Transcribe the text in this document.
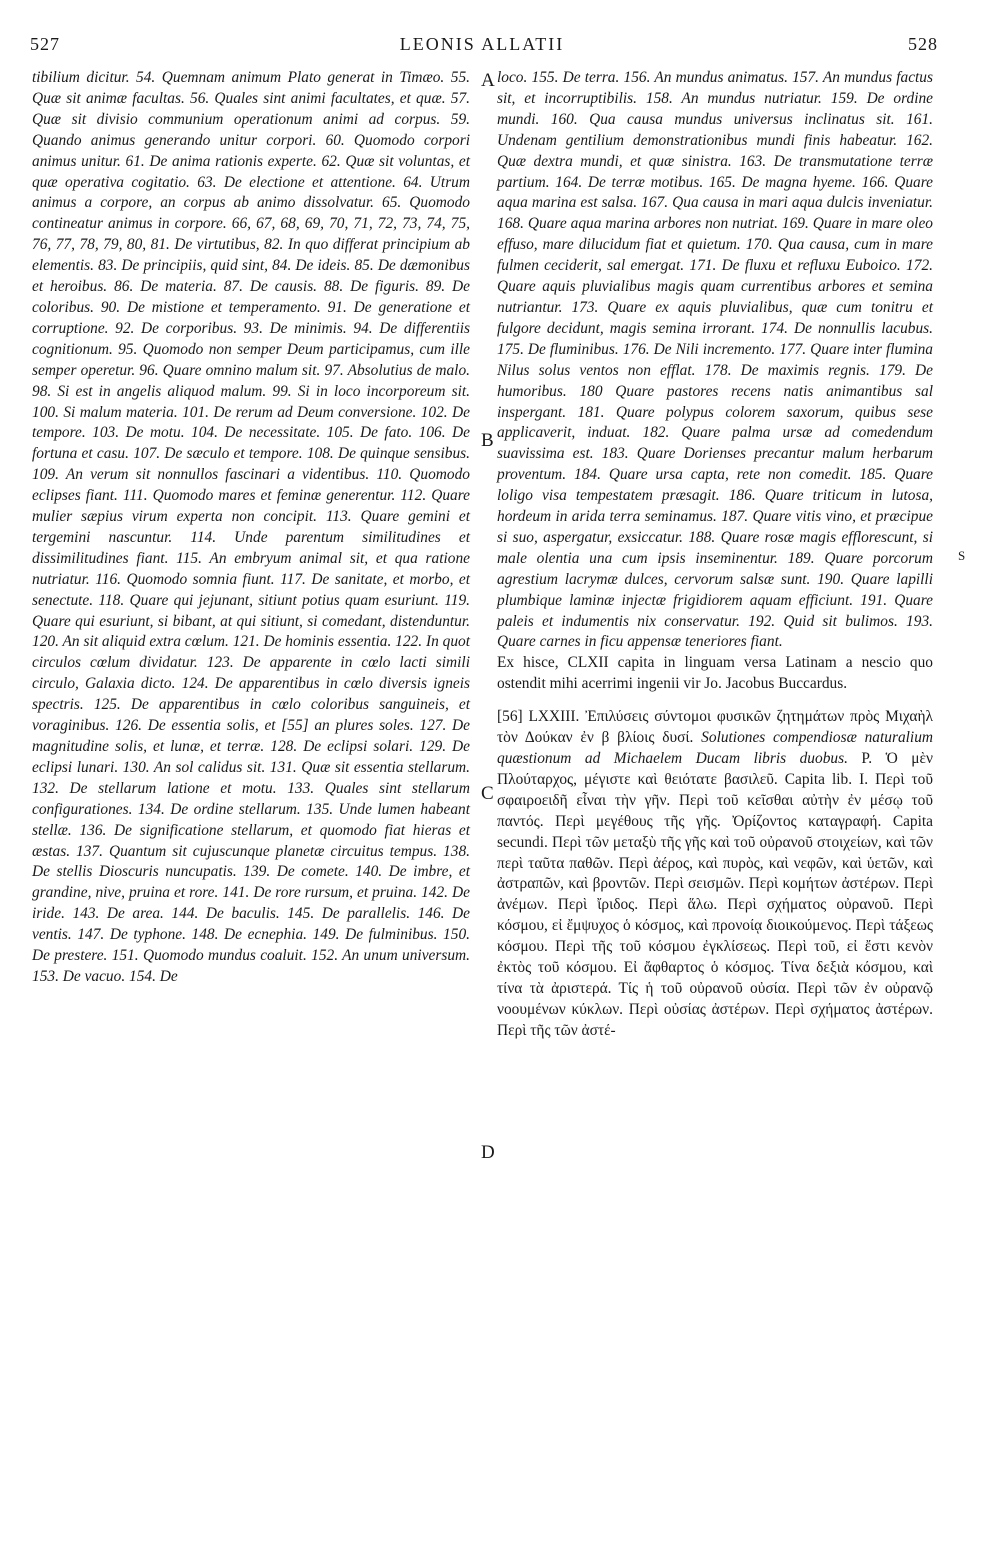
527	LEONIS ALLATII	528

tibilium dicitur. 54. Quemnam animum Plato generat in Timæo. 55. Quæ sit animæ facultas. 56. Quales sint animi facultates, et quæ. 57. Quæ sit divisio communium operationum animi ad corpus. 59. Quando animus generando unitur corpori. 60. Quomodo corpori animus unitur. 61. De anima rationis experte. 62. Quæ sit voluntas, et quæ operativa cogitatio. 63. De electione et attentione. 64. Utrum animus a corpore, an corpus ab animo dissolvatur. 65. Quomodo contineatur animus in corpore. 66, 67, 68, 69, 70, 71, 72, 73, 74, 75, 76, 77, 78, 79, 80, 81. De virtutibus, 82. In quo differat principium ab elementis. 83. De principiis, quid sint, 84. De ideis. 85. De dæmonibus et heroibus. 86. De materia. 87. De causis. 88. De figuris. 89. De coloribus. 90. De mistione et temperamento. 91. De generatione et corruptione. 92. De corporibus. 93. De minimis. 94. De differentiis cognitionum. 95. Quomodo non semper Deum participamus, cum ille semper operetur. 96. Quare omnino malum sit. 97. Absolutius de malo. 98. Si est in angelis aliquod malum. 99. Si in loco incorporeum sit. 100. Si malum materia. 101. De rerum ad Deum conversione. 102. De tempore. 103. De motu. 104. De necessitate. 105. De fato. 106. De fortuna et casu. 107. De sæculo et tempore. 108. De quinque sensibus. 109. An verum sit nonnullos fascinari a videntibus. 110. Quomodo eclipses fiant. 111. Quomodo mares et feminæ generentur. 112. Quare mulier sæpius virum experta non concipit. 113. Quare gemini et tergemini nascuntur. 114. Unde parentum similitudines et dissimilitudines fiant. 115. An embryum animal sit, et qua ratione nutriatur. 116. Quomodo somnia fiunt. 117. De sanitate, et morbo, et senectute. 118. Quare qui jejunant, sitiunt potius quam esuriunt. 119. Quare qui esuriunt, si bibant, at qui sitiunt, si comedant, distenduntur. 120. An sit aliquid extra cœlum. 121. De hominis essentia. 122. In quot circulos cœlum dividatur. 123. De apparente in cœlo lacti simili circulo, Galaxia dicto. 124. De apparentibus in cœlo diversis igneis spectris. 125. De apparentibus in cœlo coloribus sanguineis, et voraginibus. 126. De essentia solis, et [55] an plures soles. 127. De magnitudine solis, et lunæ, et terræ. 128. De eclipsi solari. 129. De eclipsi lunari. 130. An sol calidus sit. 131. Quæ sit essentia stellarum. 132. De stellarum latione et motu. 133. Quales sint stellarum configurationes. 134. De ordine stellarum. 135. Unde lumen habeant stellæ. 136. De significatione stellarum, et quomodo fiat hieras et æstas. 137. Quantum sit cujuscunque planetæ circuitus tempus. 138. De stellis Dioscuris nuncupatis. 139. De comete. 140. De imbre, et grandine, nive, pruina et rore. 141. De rore rursum, et pruina. 142. De iride. 143. De area. 144. De baculis. 145. De parallelis. 146. De ventis. 147. De typhone. 148. De ecnephia. 149. De fulminibus. 150. De prestere. 151. Quomodo mundus coaluit. 152. An unum universum. 153. De vacuo. 154. De

loco. 155. De terra. 156. An mundus animatus. 157. An mundus factus sit, et incorruptibilis. 158. An mundus nutriatur. 159. De ordine mundi. 160. Qua causa mundus universus inclinatus sit. 161. Undenam gentilium demonstrationibus mundi finis habeatur. 162. Quæ dextra mundi, et quæ sinistra. 163. De transmutatione terræ partium. 164. De terræ motibus. 165. De magna hyeme. 166. Quare aqua marina est salsa. 167. Qua causa in mari aqua dulcis inveniatur. 168. Quare aqua marina arbores non nutriat. 169. Quare in mare oleo effuso, mare dilucidum fiat et quietum. 170. Qua causa, cum in mare fulmen ceciderit, sal emergat. 171. De fluxu et refluxu Euboico. 172. Quare aquis pluvialibus magis quam currentibus arbores et semina nutriantur. 173. Quare ex aquis pluvialibus, quæ cum tonitru et fulgore decidunt, magis semina irrorant. 174. De nonnullis lacubus. 175. De fluminibus. 176. De Nili incremento. 177. Quare inter flumina Nilus solus ventos non efflat. 178. De maximis regnis. 179. De humoribus. 180 Quare pastores recens natis animantibus sal inspergant. 181. Quare polypus colorem saxorum, quibus sese applicaverit, induat. 182. Quare palma ursæ ad comedendum suavissima est. 183. Quare Dorienses precantur malum herbarum proventum. 184. Quare ursa capta, rete non comedit. 185. Quare loligo visa tempestatem præsagit. 186. Quare triticum in lutosa, hordeum in arida terra seminamus. 187. Quare vitis vino, et præcipue si suo, aspergatur, exsiccatur. 188. Quare rosæ magis efflorescunt, si male olentia una cum ipsis inseminentur. 189. Quare porcorum agrestium lacrymæ dulces, cervorum salsæ sunt. 190. Quare lapilli plumbique laminæ injectæ frigidiorem aquam efficiunt. 191. Quare paleis et indumentis nix conservatur. 192. Quid sit bulimos. 193. Quare carnes in ficu appensæ teneriores fiant.

Ex hisce, CLXII capita in linguam versa Latinam a nescio quo ostendit mihi acerrimi ingenii vir Jo. Jacobus Buccardus.

[56] LXXIII. Ἐπιλύσεις σύντομοι φυσικῶν ζητημάτων πρὸς Μιχαὴλ τὸν Δούκαν ἐν β βλίοις δυσί. Solutiones compendiosæ naturalium quæstionum ad Michaelem Ducam libris duobus. P. Ὁ μὲν Πλούταρχος, μέγιστε καὶ θειότατε βασιλεῦ. Capita lib. I. Περὶ τοῦ σφαιροειδῆ εἶναι τὴν γῆν. Περὶ τοῦ κεῖσθαι αὐτὴν ἐν μέσῳ τοῦ παντός. Περὶ μεγέθους τῆς γῆς. Ὀρίζοντος καταγραφή. Capita secundi. Περὶ τῶν μεταξὺ τῆς γῆς καὶ τοῦ οὐρανοῦ στοιχείων, καὶ τῶν περὶ ταῦτα παθῶν. Περὶ ἀέρος, καὶ πυρὸς, καὶ νεφῶν, καὶ ὑετῶν, καὶ ἀστραπῶν, καὶ βροντῶν. Περὶ σεισμῶν. Περὶ κομήτων ἀστέρων. Περὶ ἀνέμων. Περὶ ἴριδος. Περὶ ἅλω. Περὶ σχήματος οὐρανοῦ. Περὶ κόσμου, εἰ ἔμψυχος ὁ κόσμος, καὶ προνοίᾳ διοικούμενος. Περὶ τάξεως κόσμου. Περὶ τῆς τοῦ κόσμου ἐγκλίσεως. Περὶ τοῦ, εἰ ἔστι κενὸν ἐκτὸς τοῦ κόσμου. Εἰ ἄφθαρτος ὁ κόσμος. Τίνα δεξιὰ κόσμου, καὶ τίνα τὰ ἀριστερά. Τίς ἡ τοῦ οὐρανοῦ οὐσία. Περὶ τῶν ἐν οὐρανῷ νοουμένων κύκλων. Περὶ οὐσίας ἀστέρων. Περὶ σχήματος ἀστέρων. Περὶ τῆς τῶν ἀστέ-

A
B
C
D
S
